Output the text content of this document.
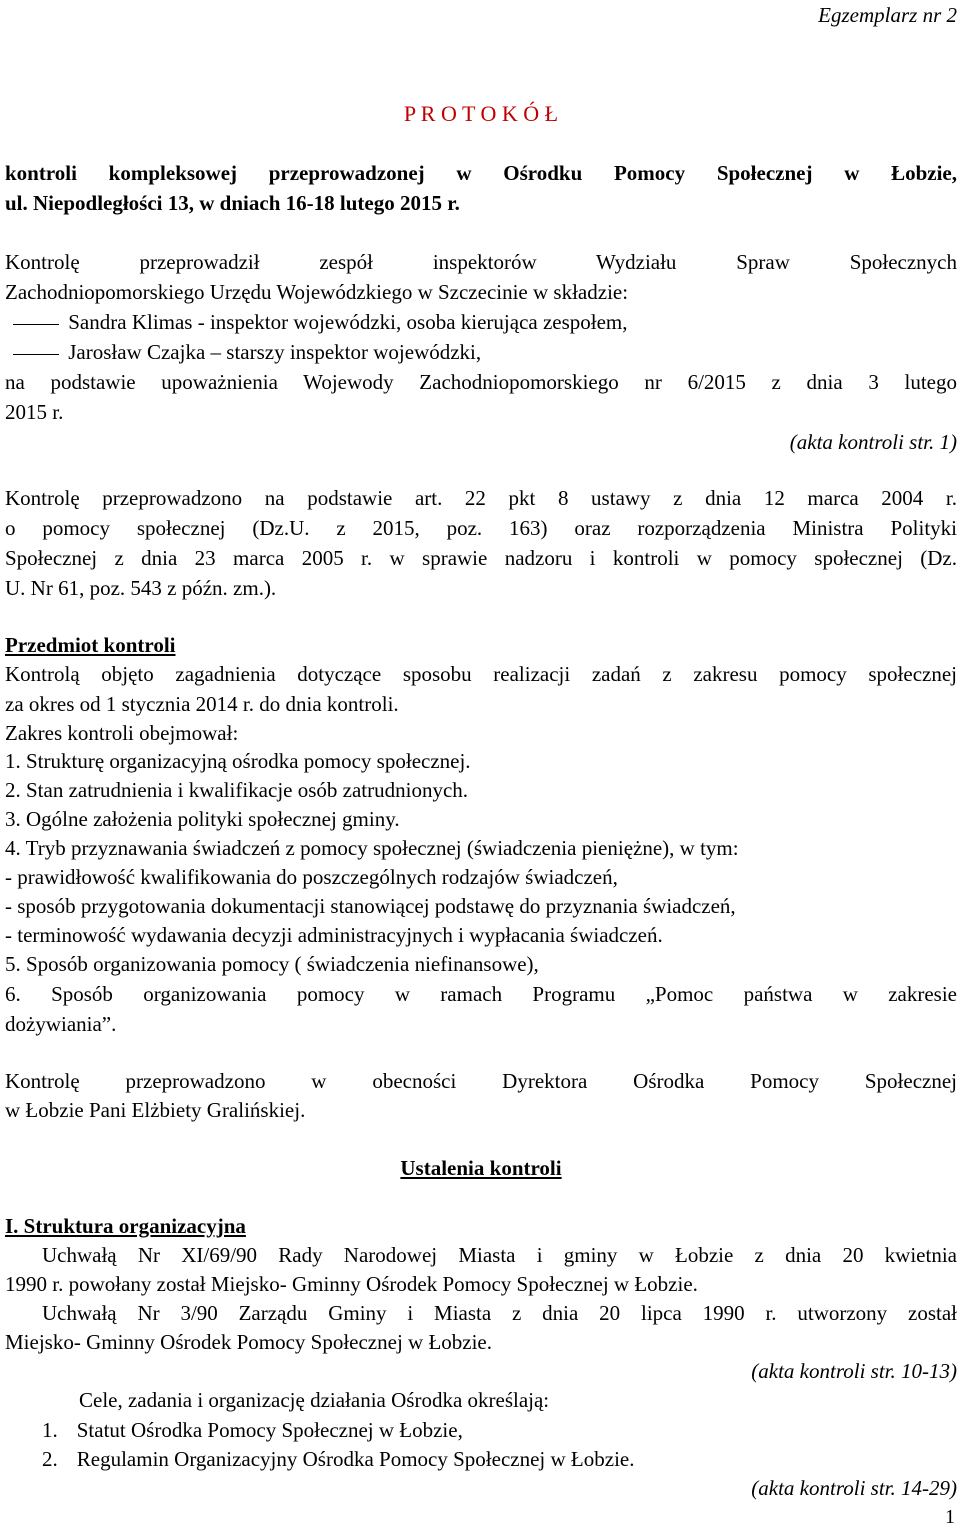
Egzemplarz nr 2
P R O T O K Ó Ł
kontroli kompleksowej przeprowadzonej w Ośrodku Pomocy Społecznej w Łobzie,
ul. Niepodległości 13, w dniach 16-18 lutego 2015 r.
Kontrolę przeprowadził zespół inspektorów Wydziału Spraw Społecznych
Zachodniopomorskiego Urzędu Wojewódzkiego w Szczecinie w składzie:
Sandra Klimas - inspektor wojewódzki, osoba kierująca zespołem,
Jarosław Czajka – starszy inspektor wojewódzki,
na podstawie upoważnienia Wojewody Zachodniopomorskiego nr 6/2015 z dnia 3 lutego
2015 r.
(akta kontroli str. 1)
Kontrolę przeprowadzono na podstawie art. 22 pkt 8 ustawy z dnia 12 marca 2004 r.
o pomocy społecznej (Dz.U. z 2015, poz. 163) oraz rozporządzenia Ministra Polityki
Społecznej z dnia 23 marca 2005 r. w sprawie nadzoru i kontroli w pomocy społecznej (Dz.
U. Nr 61, poz. 543 z późn. zm.).
Przedmiot kontroli
Kontrolą objęto zagadnienia dotyczące sposobu realizacji zadań z zakresu pomocy społecznej
za okres od 1 stycznia 2014 r. do dnia kontroli.
Zakres kontroli obejmował:
1. Strukturę organizacyjną ośrodka pomocy społecznej.
2. Stan zatrudnienia i kwalifikacje osób zatrudnionych.
3. Ogólne założenia polityki społecznej gminy.
4. Tryb przyznawania świadczeń z pomocy społecznej (świadczenia pieniężne), w tym:
- prawidłowość kwalifikowania do poszczególnych rodzajów świadczeń,
- sposób przygotowania dokumentacji stanowiącej podstawę do przyznania świadczeń,
- terminowość wydawania decyzji administracyjnych i wypłacania świadczeń.
5. Sposób organizowania pomocy ( świadczenia niefinansowe),
6. Sposób organizowania pomocy w ramach Programu „Pomoc państwa w zakresie
dożywiania”.
Kontrolę przeprowadzono w obecności Dyrektora Ośrodka Pomocy Społecznej
w Łobzie Pani Elżbiety Gralińskiej.
Ustalenia kontroli
I. Struktura organizacyjna
Uchwałą Nr XI/69/90 Rady Narodowej Miasta i gminy w Łobzie z dnia 20 kwietnia
1990 r. powołany został Miejsko- Gminny Ośrodek Pomocy Społecznej w Łobzie.
Uchwałą Nr 3/90 Zarządu Gminy i Miasta z dnia 20 lipca 1990 r. utworzony został
Miejsko- Gminny Ośrodek Pomocy Społecznej w Łobzie.
(akta kontroli str. 10-13)
Cele, zadania i organizację działania Ośrodka określają:
1. Statut Ośrodka Pomocy Społecznej w Łobzie,
2. Regulamin Organizacyjny Ośrodka Pomocy Społecznej w Łobzie.
(akta kontroli str. 14-29)
1
